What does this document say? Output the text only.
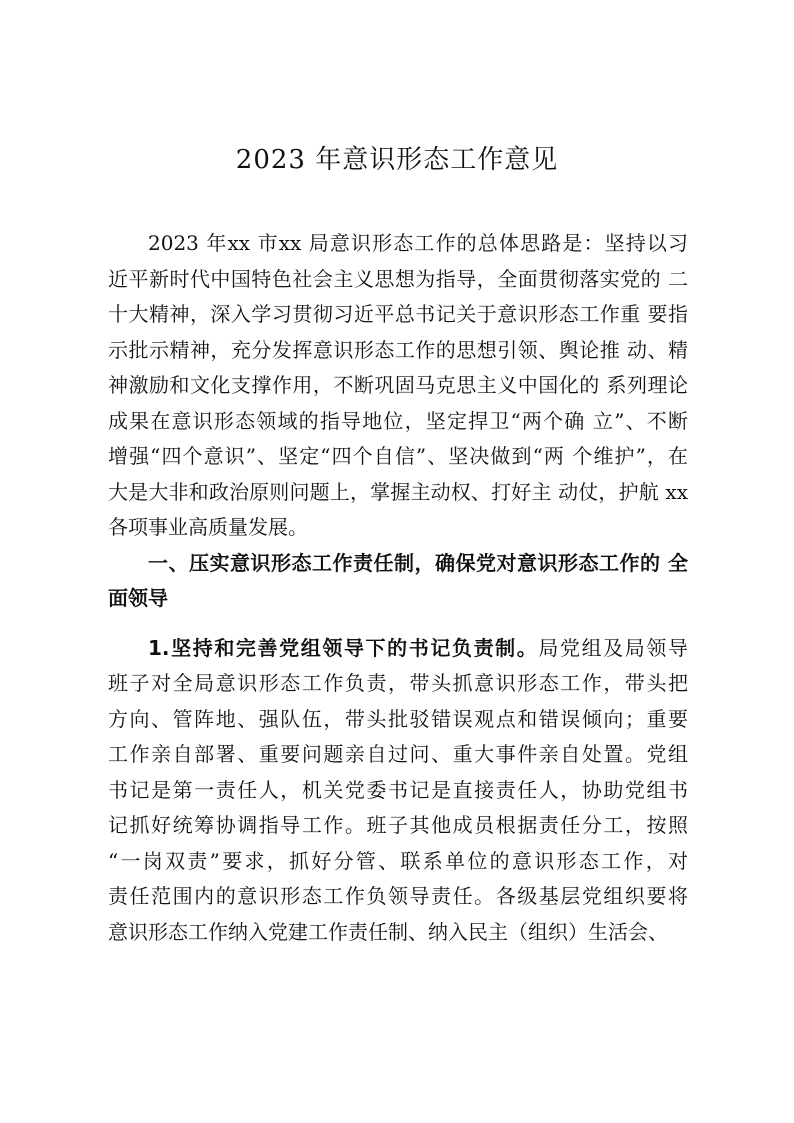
2023 年意识形态工作意见
2023 年xx 市xx 局意识形态工作的总体思路是：坚持以习
近平新时代中国特色社会主义思想为指导，全面贯彻落实党的 二
十大精神，深入学习贯彻习近平总书记关于意识形态工作重 要指
示批示精神，充分发挥意识形态工作的思想引领、舆论推 动、精
神激励和文化支撑作用，不断巩固马克思主义中国化的 系列理论
成果在意识形态领域的指导地位，坚定捍卫“两个确 立”、不断
增强“四个意识”、坚定“四个自信”、坚决做到“两 个维护”，在
大是大非和政治原则问题上，掌握主动权、打好主 动仗，护航 xx
各项事业高质量发展。
一、压实意识形态工作责任制，确保党对意识形态工作的 全
面领导
1.坚持和完善党组领导下的书记负责制。局党组及局领导
班子对全局意识形态工作负责，带头抓意识形态工作，带头把
方向、管阵地、强队伍，带头批驳错误观点和错误倾向；重要
工作亲自部署、重要问题亲自过问、重大事件亲自处置。党组
书记是第一责任人，机关党委书记是直接责任人，协助党组书
记抓好统筹协调指导工作。班子其他成员根据责任分工，按照
“一岗双责”要求，抓好分管、联系单位的意识形态工作，对
责任范围内的意识形态工作负领导责任。各级基层党组织要将
意识形态工作纳入党建工作责任制、纳入民主（组织）生活会、
